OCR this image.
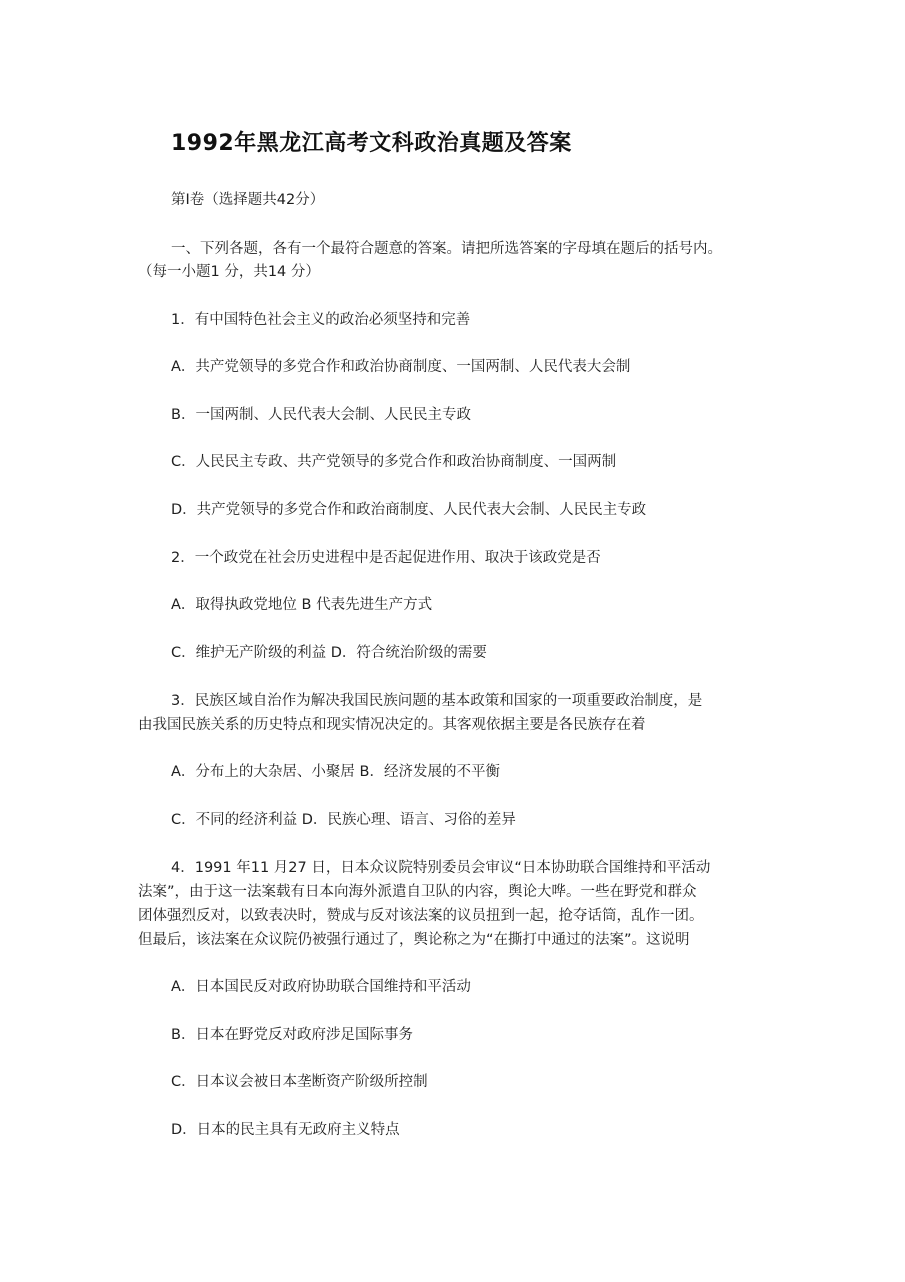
1992年黑龙江高考文科政治真题及答案
第I卷（选择题共42分）
一、下列各题，各有一个最符合题意的答案。请把所选答案的字母填在题后的括号内。
（每一小题1 分，共14 分）
1．有中国特色社会主义的政治必须坚持和完善
A．共产党领导的多党合作和政治协商制度、一国两制、人民代表大会制
B．一国两制、人民代表大会制、人民民主专政
C．人民民主专政、共产党领导的多党合作和政治协商制度、一国两制
D．共产党领导的多党合作和政治商制度、人民代表大会制、人民民主专政
2．一个政党在社会历史进程中是否起促进作用、取决于该政党是否
A．取得执政党地位 B 代表先进生产方式
C．维护无产阶级的利益 D．符合统治阶级的需要
3．民族区域自治作为解决我国民族问题的基本政策和国家的一项重要政治制度，是
由我国民族关系的历史特点和现实情况决定的。其客观依据主要是各民族存在着
A．分布上的大杂居、小聚居 B．经济发展的不平衡
C．不同的经济利益 D．民族心理、语言、习俗的差异
4．1991 年11 月27 日，日本众议院特别委员会审议“日本协助联合国维持和平活动
法案”，由于这一法案载有日本向海外派遣自卫队的内容，舆论大哗。一些在野党和群众
团体强烈反对，以致表决时，赞成与反对该法案的议员扭到一起，抢夺话筒，乱作一团。
但最后，该法案在众议院仍被强行通过了，舆论称之为“在撕打中通过的法案”。这说明
A．日本国民反对政府协助联合国维持和平活动
B．日本在野党反对政府涉足国际事务
C．日本议会被日本垄断资产阶级所控制
D．日本的民主具有无政府主义特点
